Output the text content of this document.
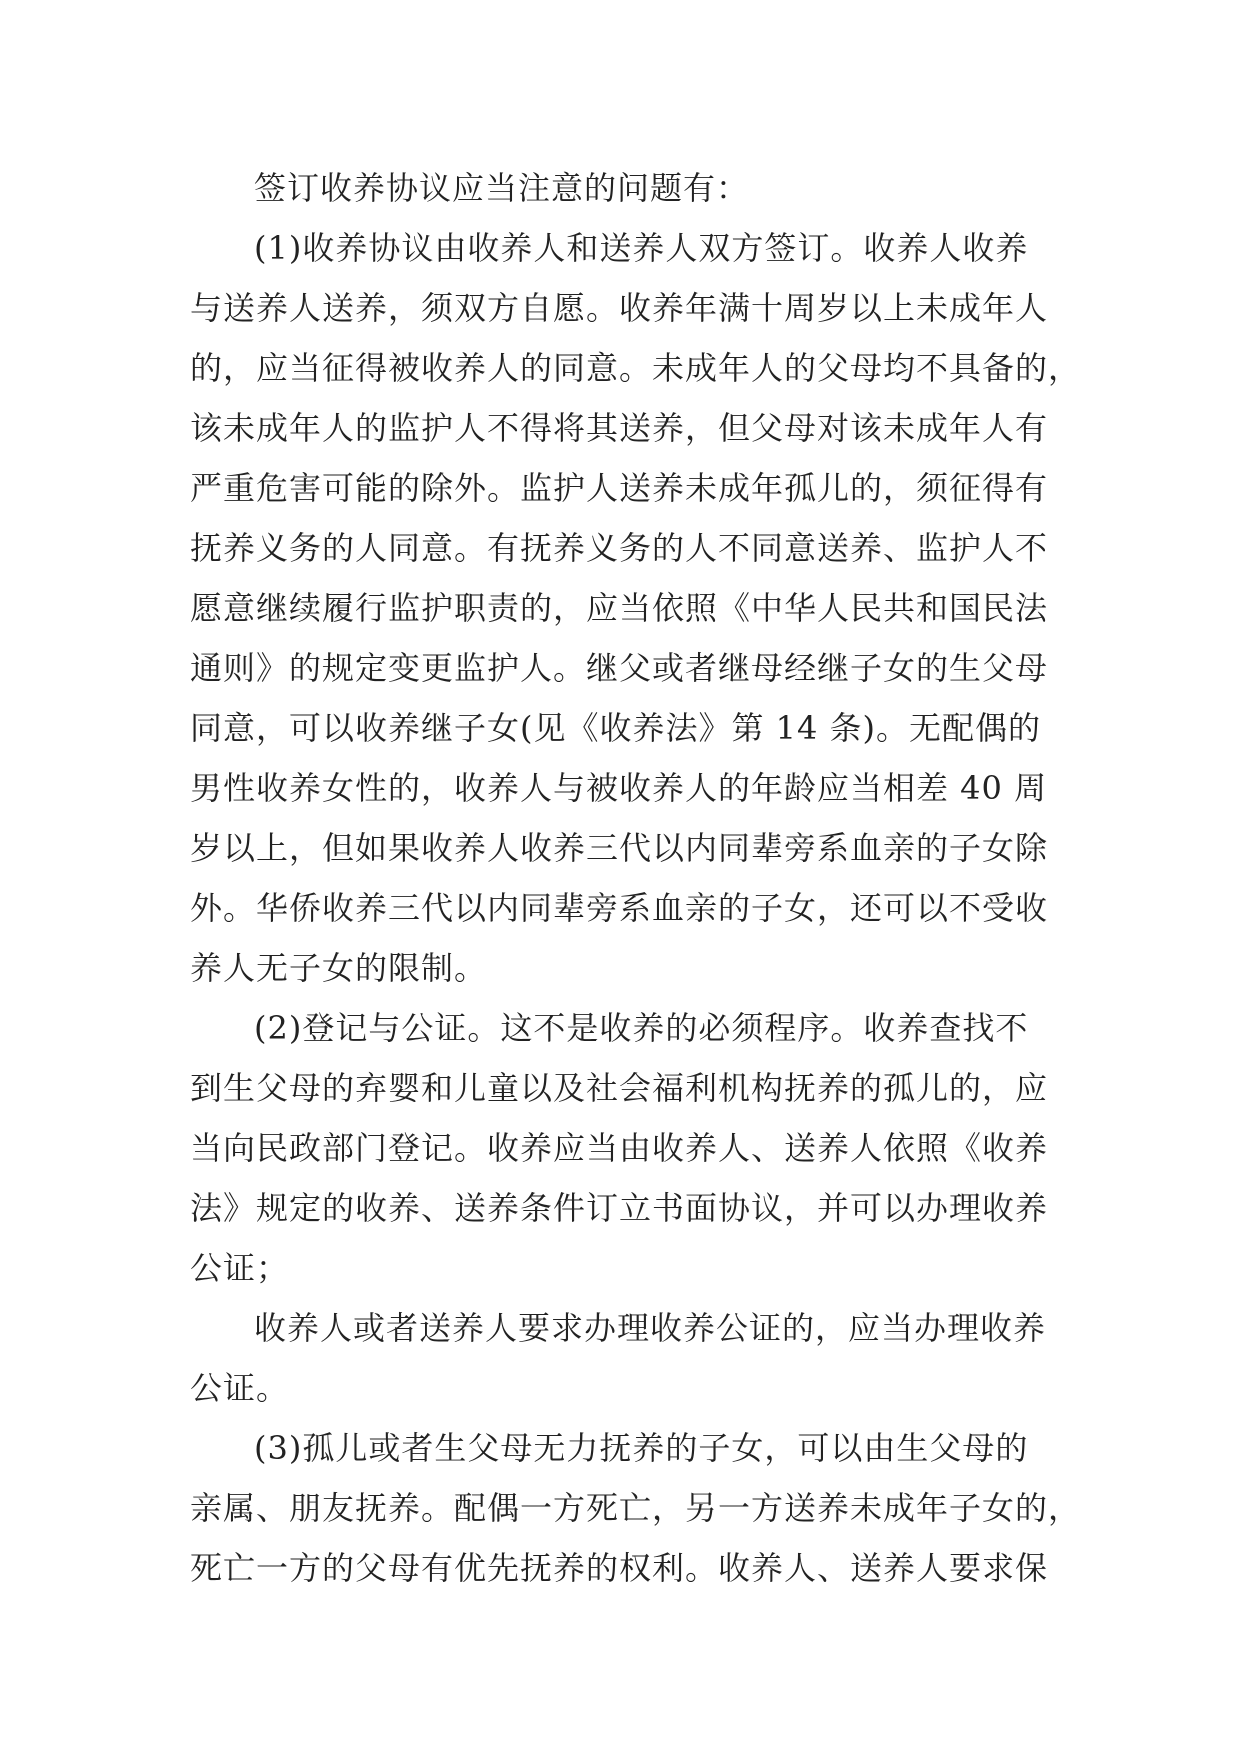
签订收养协议应当注意的问题有：
(1)收养协议由收养人和送养人双方签订。收养人收养
与送养人送养，须双方自愿。收养年满十周岁以上未成年人
的，应当征得被收养人的同意。未成年人的父母均不具备的，
该未成年人的监护人不得将其送养，但父母对该未成年人有
严重危害可能的除外。监护人送养未成年孤儿的，须征得有
抚养义务的人同意。有抚养义务的人不同意送养、监护人不
愿意继续履行监护职责的，应当依照《中华人民共和国民法
通则》的规定变更监护人。继父或者继母经继子女的生父母
同意，可以收养继子女(见《收养法》第 14 条)。无配偶的
男性收养女性的，收养人与被收养人的年龄应当相差 40 周
岁以上，但如果收养人收养三代以内同辈旁系血亲的子女除
外。华侨收养三代以内同辈旁系血亲的子女，还可以不受收
养人无子女的限制。
(2)登记与公证。这不是收养的必须程序。收养查找不
到生父母的弃婴和儿童以及社会福利机构抚养的孤儿的，应
当向民政部门登记。收养应当由收养人、送养人依照《收养
法》规定的收养、送养条件订立书面协议，并可以办理收养
公证；
收养人或者送养人要求办理收养公证的，应当办理收养
公证。
(3)孤儿或者生父母无力抚养的子女，可以由生父母的
亲属、朋友抚养。配偶一方死亡，另一方送养未成年子女的，
死亡一方的父母有优先抚养的权利。收养人、送养人要求保
